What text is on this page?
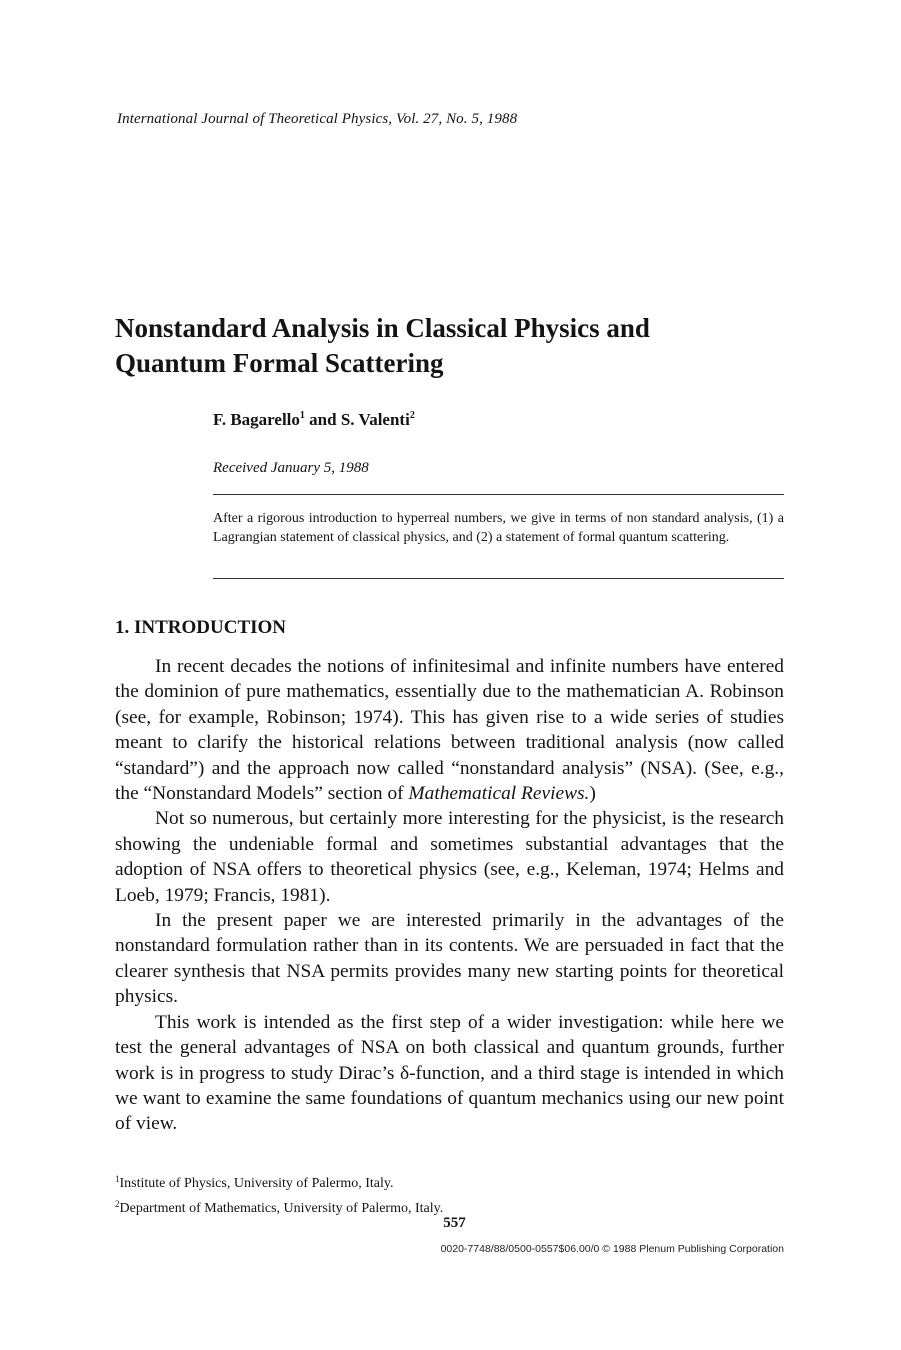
International Journal of Theoretical Physics, Vol. 27, No. 5, 1988
Nonstandard Analysis in Classical Physics and
Quantum Formal Scattering
F. Bagarello$^1$ and S. Valenti$^2$
Received January 5, 1988

After a rigorous introduction to hyperreal numbers, we give in terms of non standard analysis, (1) a Lagrangian statement of classical physics, and (2) a statement of formal quantum scattering.

1. INTRODUCTION

In recent decades the notions of infinitesimal and infinite numbers have entered the dominion of pure mathematics, essentially due to the mathematician A. Robinson (see, for example, Robinson; 1974). This has given rise to a wide series of studies meant to clarify the historical relations between traditional analysis (now called “standard”) and the approach now called “nonstandard analysis” (NSA). (See, e.g., the “Nonstandard Models” section of Mathematical Reviews.)

Not so numerous, but certainly more interesting for the physicist, is the research showing the undeniable formal and sometimes substantial advantages that the adoption of NSA offers to theoretical physics (see, e.g., Keleman, 1974; Helms and Loeb, 1979; Francis, 1981).

In the present paper we are interested primarily in the advantages of the nonstandard formulation rather than in its contents. We are persuaded in fact that the clearer synthesis that NSA permits provides many new starting points for theoretical physics.

This work is intended as the first step of a wider investigation: while here we test the general advantages of NSA on both classical and quantum grounds, further work is in progress to study Dirac’s δ-function, and a third stage is intended in which we want to examine the same foundations of quantum mechanics using our new point of view.

$^1$Institute of Physics, University of Palermo, Italy.
$^2$Department of Mathematics, University of Palermo, Italy.
557
0020-7748/88/0500-0557$06.00/0 © 1988 Plenum Publishing Corporation
